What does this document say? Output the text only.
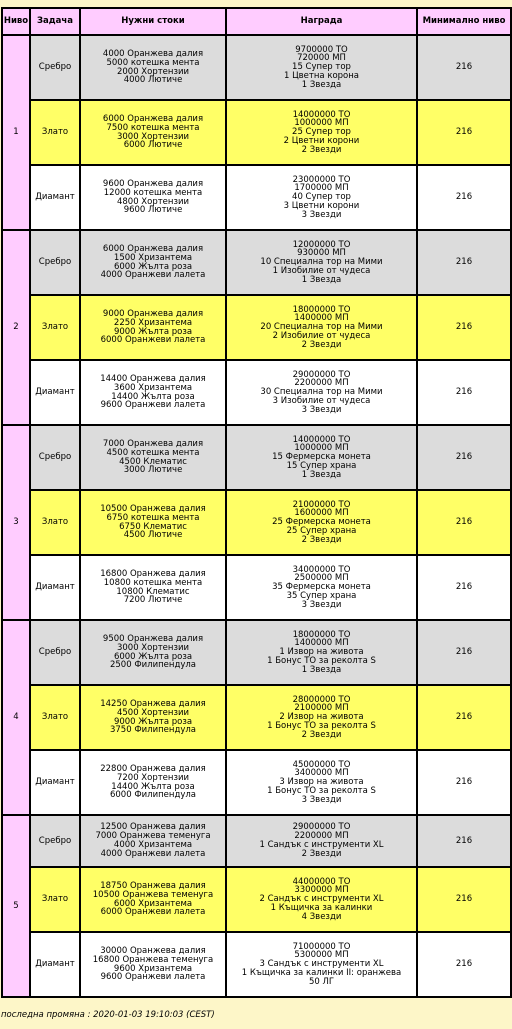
Ниво	Задача	Нужни стоки	Награда	Минимално ниво
1	Сребро	4000 Оранжева далия
5000 котешка мента
2000 Хортензии
4000 Лютиче	9700000 ТО
720000 МП
15 Супер тор
1 Цветна корона
1 Звезда	216
	Злато	6000 Оранжева далия
7500 котешка мента
3000 Хортензии
6000 Лютиче	14000000 ТО
1000000 МП
25 Супер тор
2 Цветни корони
2 Звезди	216
	Диамант	9600 Оранжева далия
12000 котешка мента
4800 Хортензии
9600 Лютиче	23000000 ТО
1700000 МП
40 Супер тор
3 Цветни корони
3 Звезди	216
2	Сребро	6000 Оранжева далия
1500 Хризантема
6000 Жълта роза
4000 Оранжеви лалета	12000000 ТО
930000 МП
10 Специална тор на Мими
1 Изобилие от чудеса
1 Звезда	216
	Злато	9000 Оранжева далия
2250 Хризантема
9000 Жълта роза
6000 Оранжеви лалета	18000000 ТО
1400000 МП
20 Специална тор на Мими
2 Изобилие от чудеса
2 Звезди	216
	Диамант	14400 Оранжева далия
3600 Хризантема
14400 Жълта роза
9600 Оранжеви лалета	29000000 ТО
2200000 МП
30 Специална тор на Мими
3 Изобилие от чудеса
3 Звезди	216
3	Сребро	7000 Оранжева далия
4500 котешка мента
4500 Клематис
3000 Лютиче	14000000 ТО
1000000 МП
15 Фермерска монета
15 Супер храна
1 Звезда	216
	Злато	10500 Оранжева далия
6750 котешка мента
6750 Клематис
4500 Лютиче	21000000 ТО
1600000 МП
25 Фермерска монета
25 Супер храна
2 Звезди	216
	Диамант	16800 Оранжева далия
10800 котешка мента
10800 Клематис
7200 Лютиче	34000000 ТО
2500000 МП
35 Фермерска монета
35 Супер храна
3 Звезди	216
4	Сребро	9500 Оранжева далия
3000 Хортензии
6000 Жълта роза
2500 Филипендула	18000000 ТО
1400000 МП
1 Извор на живота
1 Бонус ТО за реколта S
1 Звезда	216
	Злато	14250 Оранжева далия
4500 Хортензии
9000 Жълта роза
3750 Филипендула	28000000 ТО
2100000 МП
2 Извор на живота
1 Бонус ТО за реколта S
2 Звезди	216
	Диамант	22800 Оранжева далия
7200 Хортензии
14400 Жълта роза
6000 Филипендула	45000000 ТО
3400000 МП
3 Извор на живота
1 Бонус ТО за реколта S
3 Звезди	216
5	Сребро	12500 Оранжева далия
7000 Оранжева теменуга
4000 Хризантема
4000 Оранжеви лалета	29000000 ТО
2200000 МП
1 Сандък с инструменти XL
2 Звезди	216
	Злато	18750 Оранжева далия
10500 Оранжева теменуга
6000 Хризантема
6000 Оранжеви лалета	44000000 ТО
3300000 МП
2 Сандък с инструменти XL
1 Къщичка за калинки
4 Звезди	216
	Диамант	30000 Оранжева далия
16800 Оранжева теменуга
9600 Хризантема
9600 Оранжеви лалета	71000000 ТО
5300000 МП
3 Сандък с инструменти XL
1 Къщичка за калинки II: оранжева
50 ЛГ	216
последна промяна : 2020-01-03 19:10:03 (CEST)
